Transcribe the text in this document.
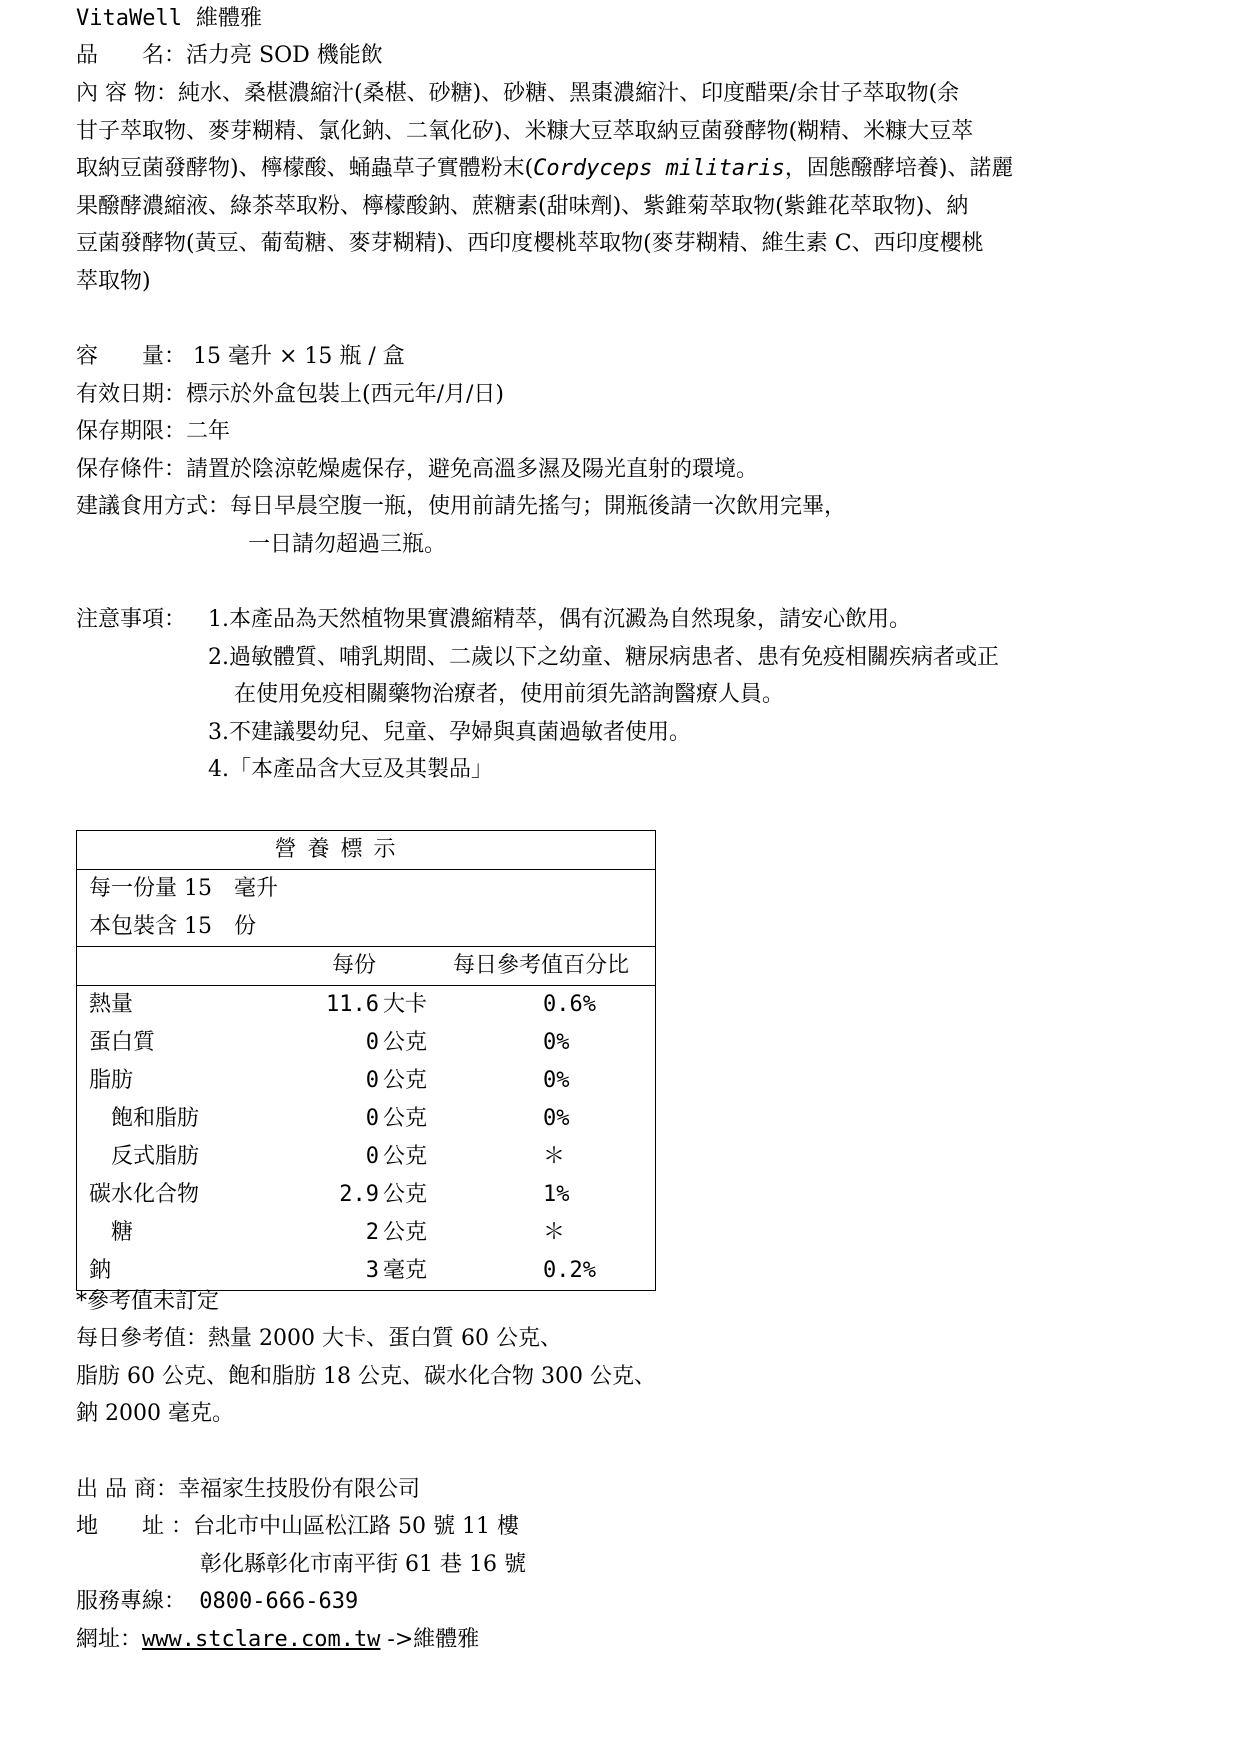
VitaWell 維體雅
品　　名：活力亮 SOD 機能飲
內 容 物：純水、桑椹濃縮汁(桑椹、砂糖)、砂糖、黑棗濃縮汁、印度醋栗/余甘子萃取物(余
甘子萃取物、麥芽糊精、氯化鈉、二氧化矽)、米糠大豆萃取納豆菌發酵物(糊精、米糠大豆萃
取納豆菌發酵物)、檸檬酸、蛹蟲草子實體粉末(Cordyceps militaris，固態醱酵培養)、諾麗
果醱酵濃縮液、綠茶萃取粉、檸檬酸鈉、蔗糖素(甜味劑)、紫錐菊萃取物(紫錐花萃取物)、納
豆菌發酵物(黃豆、葡萄糖、麥芽糊精)、西印度櫻桃萃取物(麥芽糊精、維生素 C、西印度櫻桃
萃取物)
容　　量： 15 毫升 × 15 瓶 / 盒
有效日期：標示於外盒包裝上(西元年/月/日)
保存期限：二年
保存條件：請置於陰涼乾燥處保存，避免高溫多濕及陽光直射的環境。
建議食用方式：每日早晨空腹一瓶，使用前請先搖勻；開瓶後請一次飲用完畢，
一日請勿超過三瓶。
注意事項： 1.本產品為天然植物果實濃縮精萃，偶有沉澱為自然現象，請安心飲用。
2.過敏體質、哺乳期間、二歲以下之幼童、糖尿病患者、患有免疫相關疾病者或正
在使用免疫相關藥物治療者，使用前須先諮詢醫療人員。
3.不建議嬰幼兒、兒童、孕婦與真菌過敏者使用。
4.「本產品含大豆及其製品」
營 養 標 示			
每一份量 15　毫升			
本包裝含 15　份			
	每份		每日參考值百分比
熱量	11.6	大卡	0.6%
蛋白質	0	公克	0%
脂肪	0	公克	0%
　飽和脂肪	0	公克	0%
　反式脂肪	0	公克	＊
碳水化合物	2.9	公克	1%
　糖	2	公克	＊
鈉	3	毫克	0.2%
*參考值未訂定
每日參考值：熱量 2000 大卡、蛋白質 60 公克、
脂肪 60 公克、飽和脂肪 18 公克、碳水化合物 300 公克、
鈉 2000 毫克。
出 品 商：幸福家生技股份有限公司
地　　址 ：台北市中山區松江路 50 號 11 樓
彰化縣彰化市南平街 61 巷 16 號
服務專線： 0800-666-639
網址：www.stclare.com.tw ->維體雅
